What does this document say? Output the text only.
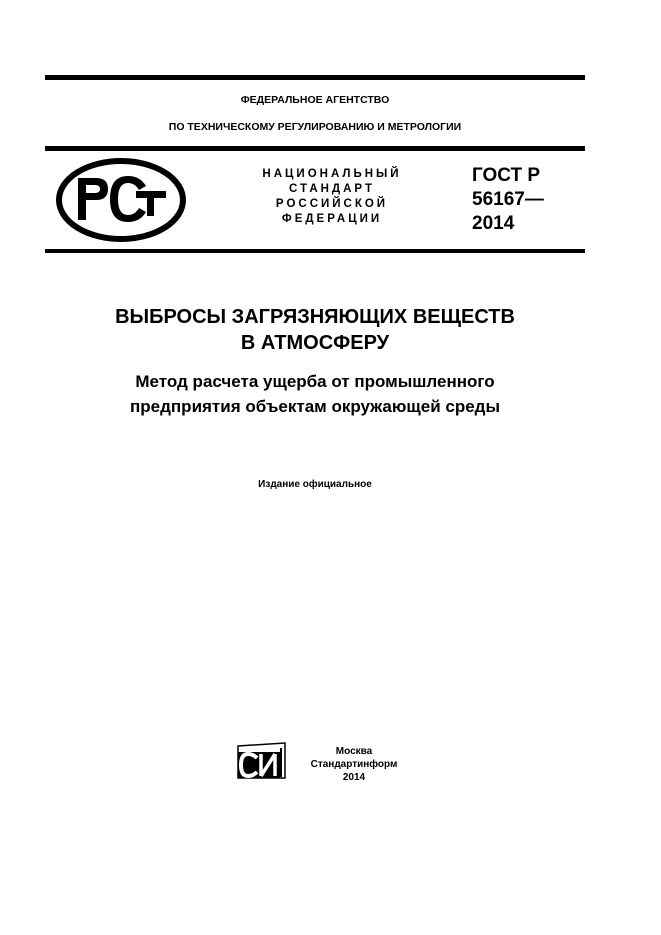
ФЕДЕРАЛЬНОЕ АГЕНТСТВО
ПО ТЕХНИЧЕСКОМУ РЕГУЛИРОВАНИЮ И МЕТРОЛОГИИ
НАЦИОНАЛЬНЫЙ
СТАНДАРТ
РОССИЙСКОЙ
ФЕДЕРАЦИИ
ГОСТ Р
56167—
2014
ВЫБРОСЫ ЗАГРЯЗНЯЮЩИХ ВЕЩЕСТВ
В АТМОСФЕРУ
Метод расчета ущерба от промышленного
предприятия объектам окружающей среды
Издание официальное
Москва
Стандартинформ
2014
